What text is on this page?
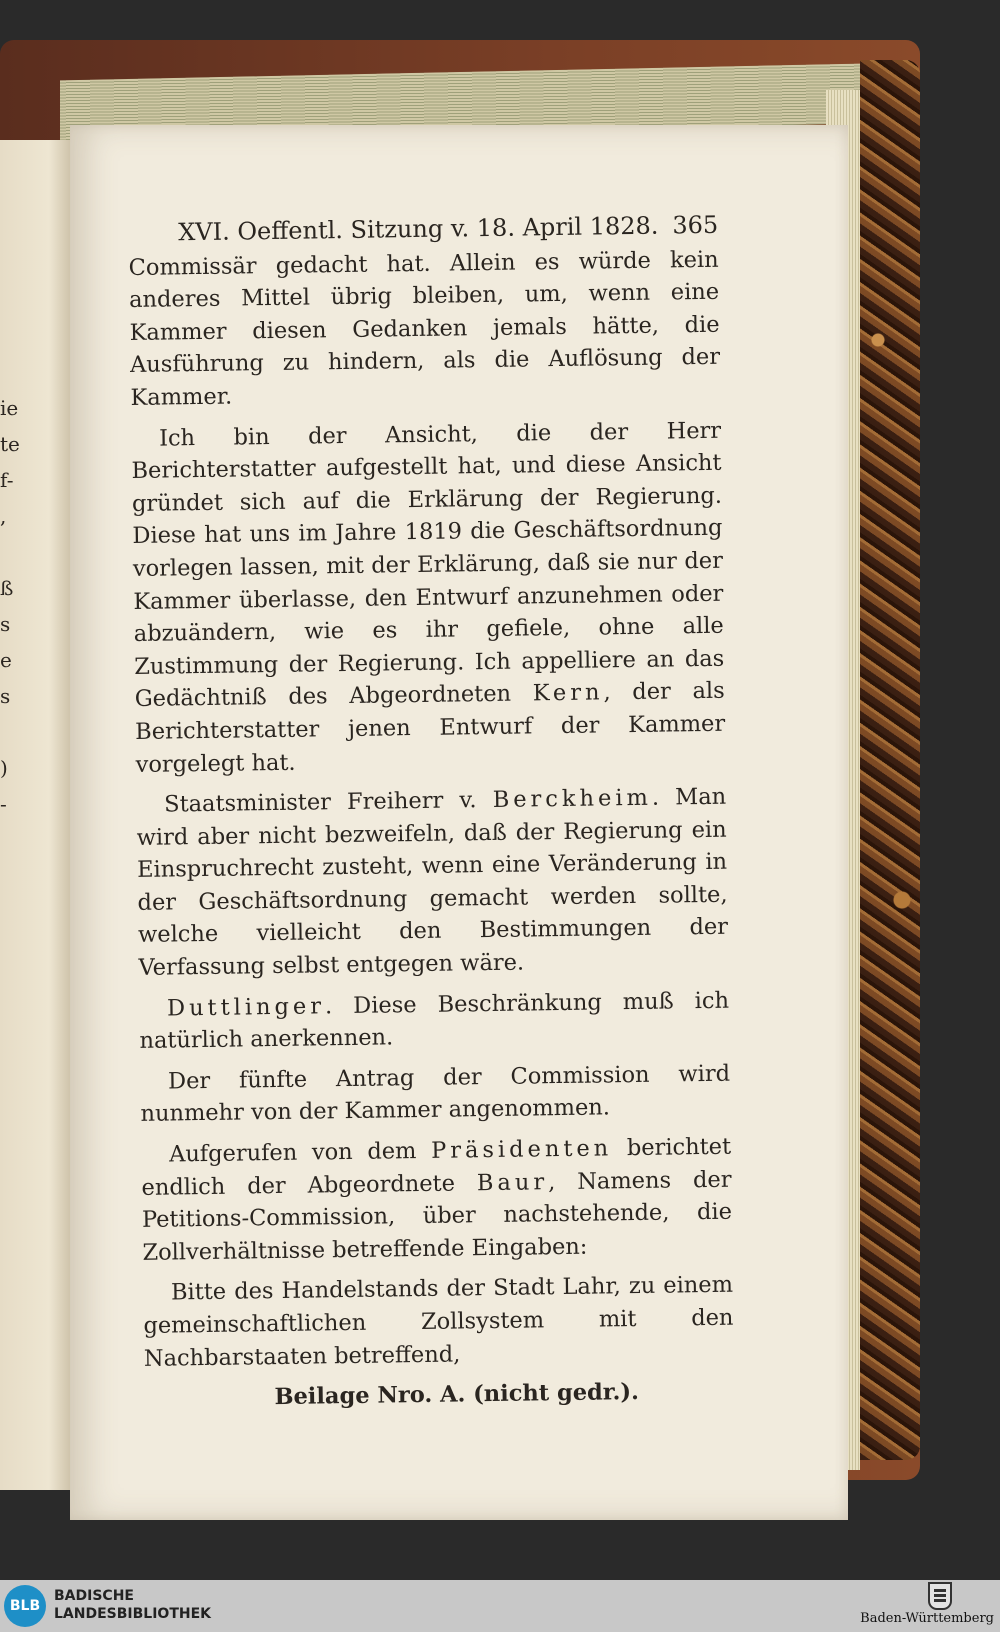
ie
te
f-
,

ß
s
e
s

)
-
XVI. Oeffentl. Sitzung v. 18. April 1828. 365

Commissär gedacht hat. Allein es würde kein anderes Mittel übrig bleiben, um, wenn eine Kammer diesen Gedanken jemals hätte, die Ausführung zu hindern, als die Auflösung der Kammer.

Ich bin der Ansicht, die der Herr Berichterstatter aufgestellt hat, und diese Ansicht gründet sich auf die Erklärung der Regierung. Diese hat uns im Jahre 1819 die Geschäftsordnung vorlegen lassen, mit der Erklärung, daß sie nur der Kammer überlasse, den Entwurf anzunehmen oder abzuändern, wie es ihr gefiele, ohne alle Zustimmung der Regierung. Ich appelliere an das Gedächtniß des Abgeordneten Kern, der als Berichterstatter jenen Entwurf der Kammer vorgelegt hat.

Staatsminister Freiherr v. Berckheim. Man wird aber nicht bezweifeln, daß der Regierung ein Einspruchrecht zusteht, wenn eine Veränderung in der Geschäftsordnung gemacht werden sollte, welche vielleicht den Bestimmungen der Verfassung selbst entgegen wäre.

Duttlinger. Diese Beschränkung muß ich natürlich anerkennen.

Der fünfte Antrag der Commission wird nunmehr von der Kammer angenommen.

Aufgerufen von dem Präsidenten berichtet endlich der Abgeordnete Baur, Namens der Petitions-Commission, über nachstehende, die Zollverhältnisse betreffende Eingaben:

Bitte des Handelstands der Stadt Lahr, zu einem gemeinschaftlichen Zollsystem mit den Nachbarstaaten betreffend,

Beilage Nro. A. (nicht gedr.).

BLB
BADISCHE
LANDESBIBLIOTHEK	Baden-Württemberg
